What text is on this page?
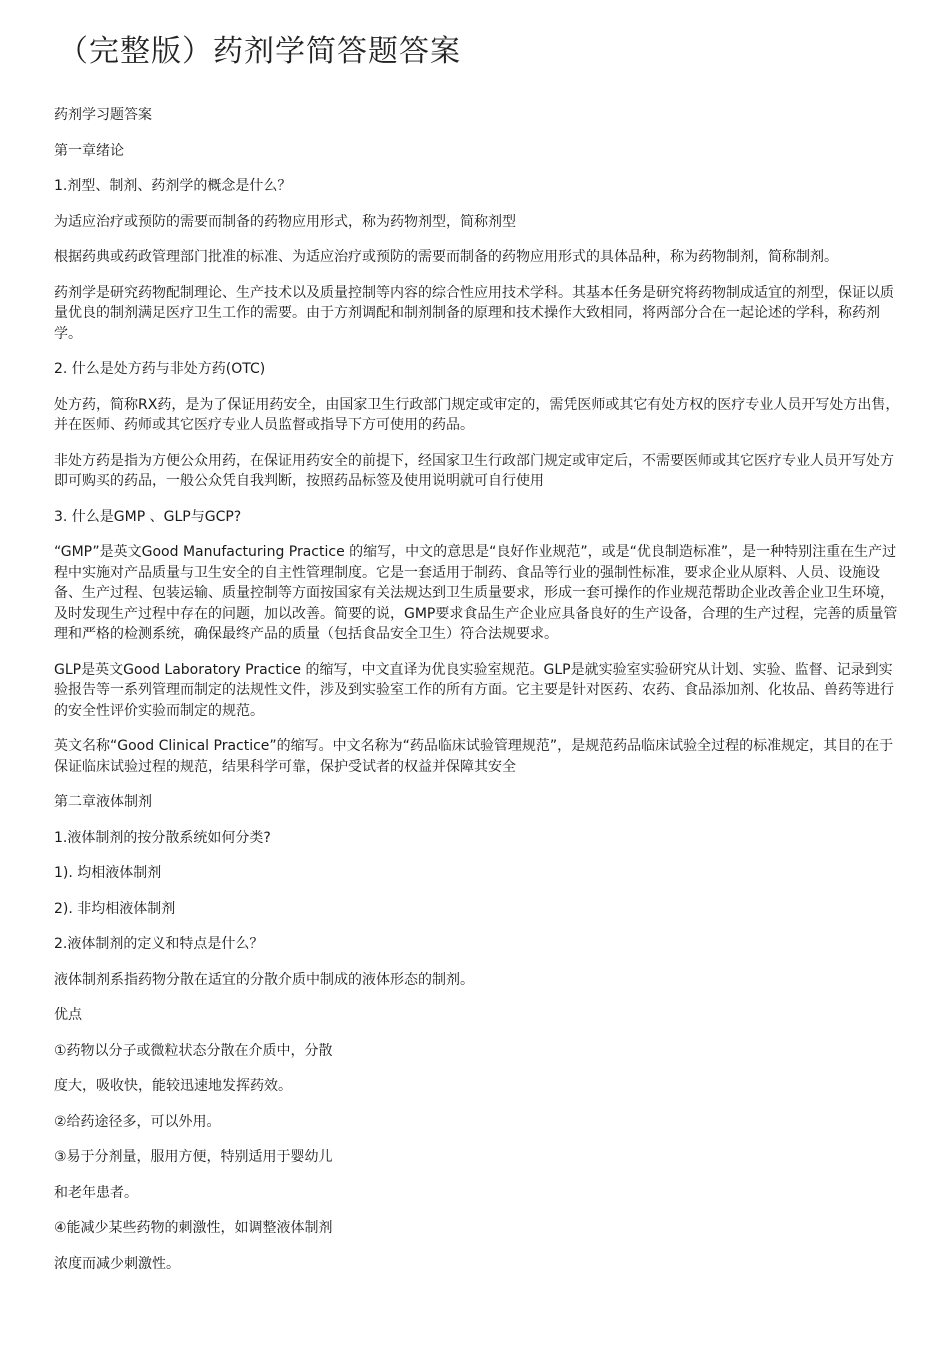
（完整版）药剂学简答题答案

药剂学习题答案

第一章绪论

1.剂型、制剂、药剂学的概念是什么？

为适应治疗或预防的需要而制备的药物应用形式，称为药物剂型，简称剂型

根据药典或药政管理部门批准的标准、为适应治疗或预防的需要而制备的药物应用形式的具体品种，称为药物制剂，简称制剂。

药剂学是研究药物配制理论、生产技术以及质量控制等内容的综合性应用技术学科。其基本任务是研究将药物制成适宜的剂型，保证以质量优良的制剂满足医疗卫生工作的需要。由于方剂调配和制剂制备的原理和技术操作大致相同，将两部分合在一起论述的学科，称药剂学。

2. 什么是处方药与非处方药(OTC)

处方药，简称RX药，是为了保证用药安全，由国家卫生行政部门规定或审定的，需凭医师或其它有处方权的医疗专业人员开写处方出售，并在医师、药师或其它医疗专业人员监督或指导下方可使用的药品。

非处方药是指为方便公众用药，在保证用药安全的前提下，经国家卫生行政部门规定或审定后，不需要医师或其它医疗专业人员开写处方即可购买的药品，一般公众凭自我判断，按照药品标签及使用说明就可自行使用

3. 什么是GMP 、GLP与GCP?

“GMP”是英文Good Manufacturing Practice 的缩写，中文的意思是“良好作业规范”，或是“优良制造标准”，是一种特别注重在生产过程中实施对产品质量与卫生安全的自主性管理制度。它是一套适用于制药、食品等行业的强制性标准，要求企业从原料、人员、设施设备、生产过程、包装运输、质量控制等方面按国家有关法规达到卫生质量要求，形成一套可操作的作业规范帮助企业改善企业卫生环境，及时发现生产过程中存在的问题，加以改善。简要的说，GMP要求食品生产企业应具备良好的生产设备，合理的生产过程，完善的质量管理和严格的检测系统，确保最终产品的质量（包括食品安全卫生）符合法规要求。

GLP是英文Good Laboratory Practice 的缩写，中文直译为优良实验室规范。GLP是就实验室实验研究从计划、实验、监督、记录到实验报告等一系列管理而制定的法规性文件，涉及到实验室工作的所有方面。它主要是针对医药、农药、食品添加剂、化妆品、兽药等进行的安全性评价实验而制定的规范。

英文名称“Good Clinical Practice”的缩写。中文名称为“药品临床试验管理规范”，是规范药品临床试验全过程的标准规定，其目的在于保证临床试验过程的规范，结果科学可靠，保护受试者的权益并保障其安全

第二章液体制剂

1.液体制剂的按分散系统如何分类?

1). 均相液体制剂

2). 非均相液体制剂

2.液体制剂的定义和特点是什么？

液体制剂系指药物分散在适宜的分散介质中制成的液体形态的制剂。

优点

①药物以分子或微粒状态分散在介质中，分散

度大，吸收快，能较迅速地发挥药效。

②给药途径多，可以外用。

③易于分剂量，服用方便，特别适用于婴幼儿

和老年患者。

④能减少某些药物的刺激性，如调整液体制剂

浓度而减少刺激性。
